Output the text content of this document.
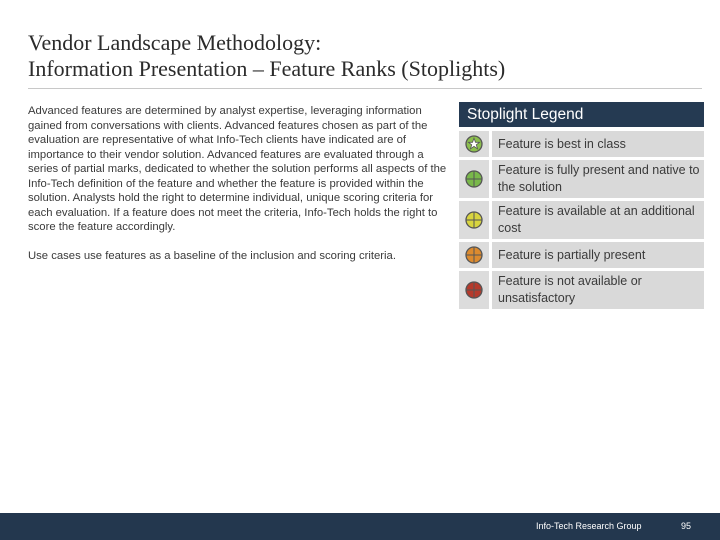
Vendor Landscape Methodology:
Information Presentation – Feature Ranks (Stoplights)

Advanced features are determined by analyst expertise, leveraging information gained from conversations with clients. Advanced features chosen as part of the evaluation are representative of what Info-Tech clients have indicated are of importance to their vendor solution. Advanced features are evaluated through a series of partial marks, dedicated to whether the solution performs all aspects of the Info-Tech definition of the feature and whether the feature is provided within the solution. Analysts hold the right to determine individual, unique scoring criteria for each evaluation. If a feature does not meet the criteria, Info-Tech holds the right to score the feature accordingly.

Use cases use features as a baseline of the inclusion and scoring criteria.

Stoplight Legend
Feature is best in class
Feature is fully present and native to the solution
Feature is available at an additional cost
Feature is partially present
Feature is not available or unsatisfactory
Info-Tech Research Group	95
